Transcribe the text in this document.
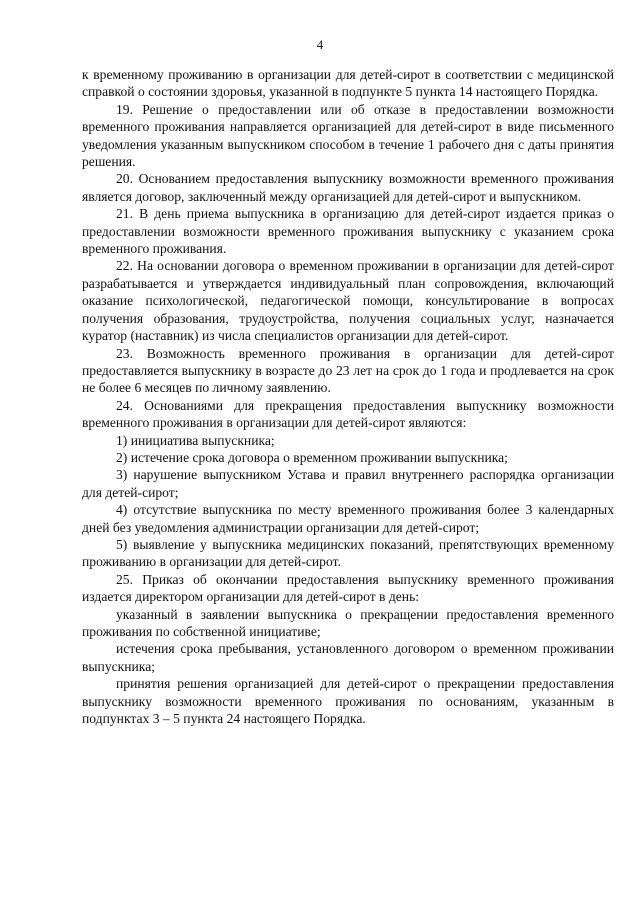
4

к временному проживанию в организации для детей-сирот в соответствии с медицинской справкой о состоянии здоровья, указанной в подпункте 5 пункта 14 настоящего Порядка.

19. Решение о предоставлении или об отказе в предоставлении возможности временного проживания направляется организацией для детей-сирот в виде письменного уведомления указанным выпускником способом в течение 1 рабочего дня с даты принятия решения.

20. Основанием предоставления выпускнику возможности временного проживания является договор, заключенный между организацией для детей-сирот и выпускником.

21. В день приема выпускника в организацию для детей-сирот издается приказ о предоставлении возможности временного проживания выпускнику с указанием срока временного проживания.

22. На основании договора о временном проживании в организации для детей-сирот разрабатывается и утверждается индивидуальный план сопровождения, включающий оказание психологической, педагогической помощи, консультирование в вопросах получения образования, трудоустройства, получения социальных услуг, назначается куратор (наставник) из числа специалистов организации для детей-сирот.

23. Возможность временного проживания в организации для детей-сирот предоставляется выпускнику в возрасте до 23 лет на срок до 1 года и продлевается на срок не более 6 месяцев по личному заявлению.

24. Основаниями для прекращения предоставления выпускнику возможности временного проживания в организации для детей-сирот являются:

1) инициатива выпускника;

2) истечение срока договора о временном проживании выпускника;

3) нарушение выпускником Устава и правил внутреннего распорядка организации для детей-сирот;

4) отсутствие выпускника по месту временного проживания более 3 календарных дней без уведомления администрации организации для детей-сирот;

5) выявление у выпускника медицинских показаний, препятствующих временному проживанию в организации для детей-сирот.

25. Приказ об окончании предоставления выпускнику временного проживания издается директором организации для детей-сирот в день:

указанный в заявлении выпускника о прекращении предоставления временного проживания по собственной инициативе;

истечения срока пребывания, установленного договором о временном проживании выпускника;

принятия решения организацией для детей-сирот о прекращении предоставления выпускнику возможности временного проживания по основаниям, указанным в подпунктах 3 – 5 пункта 24 настоящего Порядка.
